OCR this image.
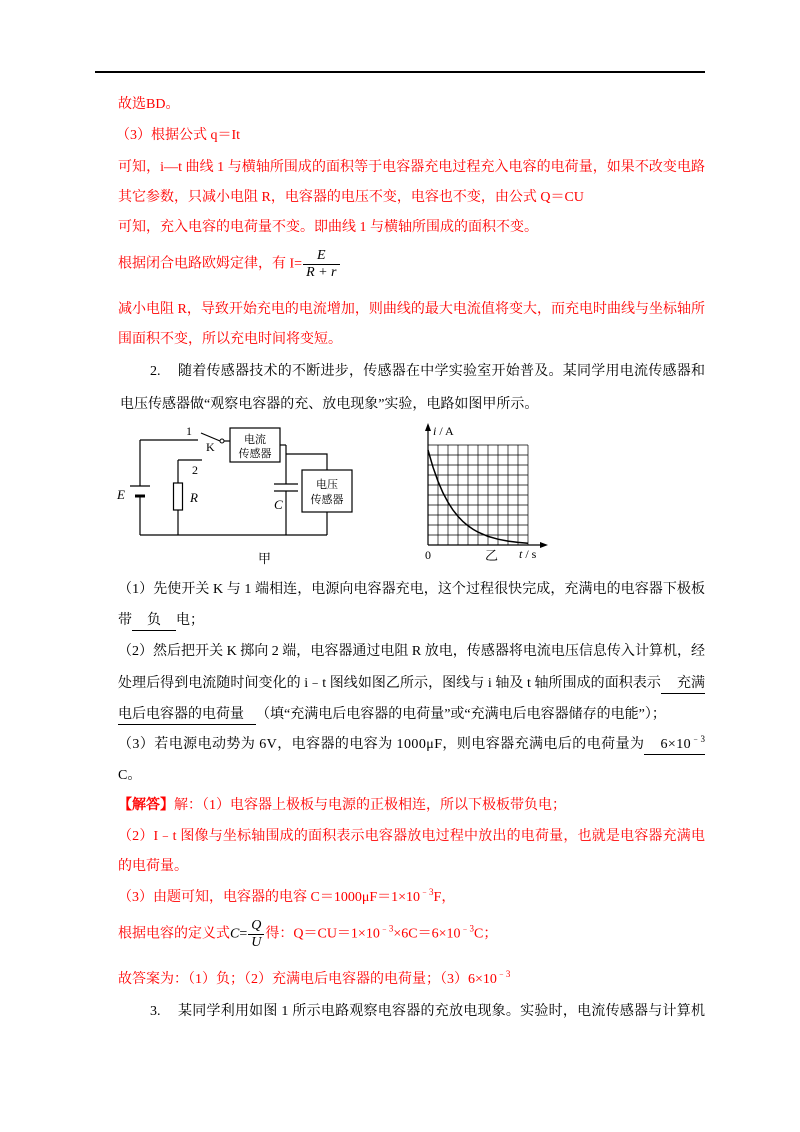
故选BD。
（3）根据公式 q＝It
可知，i—t 曲线 1 与横轴所围成的面积等于电容器充电过程充入电容的电荷量，如果不改变电路
其它参数，只减小电阻 R，电容器的电压不变，电容也不变，由公式 Q＝CU
可知，充入电容的电荷量不变。即曲线 1 与横轴所围成的面积不变。
根据闭合电路欧姆定律，有 $I= \frac{E}{R + r}$
减小电阻 R，导致开始充电的电流增加，则曲线的最大电流值将变大，而充电时曲线与坐标轴所
围面积不变，所以充电时间将变短。
2. 随着传感器技术的不断进步，传感器在中学实验室开始普及。某同学用电流传感器和
电压传感器做“观察电容器的充、放电现象”实验，电路如图甲所示。
1
K
2
E	R	C
电流
传感器
电压
传感器
甲
i / A
0	乙 t / s
（1）先使开关 K 与 1 端相连，电源向电容器充电，这个过程很快完成，充满电的电容器下极板
带 负 电；
（2）然后把开关 K 掷向 2 端，电容器通过电阻 R 放电，传感器将电流电压信息传入计算机，经
处理后得到电流随时间变化的 i﹣t 图线如图乙所示，图线与 i 轴及 t 轴所围成的面积表示 充满
电后电容器的电荷量 （填“充满电后电容器的电荷量”或“充满电后电容器储存的电能”）；
（3）若电源电动势为 6V，电容器的电容为 1000μF，则电容器充满电后的电荷量为 $6\times 10^{﹣3}$
C。
【解答】解：（1）电容器上极板与电源的正极相连，所以下极板带负电；
（2）I﹣t 图像与坐标轴围成的面积表示电容器放电过程中放出的电荷量，也就是电容器充满电
的电荷量。
（3）由题可知，电容器的电容 $C=1000\mu F=1\times 10^{﹣3}F$，
根据电容的定义式$C= \frac{Q}{U}$ 得：$Q=CU=1\times 10^{﹣3}\times 6C=6\times 10^{﹣3}C$；
故答案为：（1）负；（2）充满电后电容器的电荷量；$(3)6\times 10^{﹣3}$
3. 某同学利用如图 1 所示电路观察电容器的充放电现象。实验时，电流传感器与计算机
